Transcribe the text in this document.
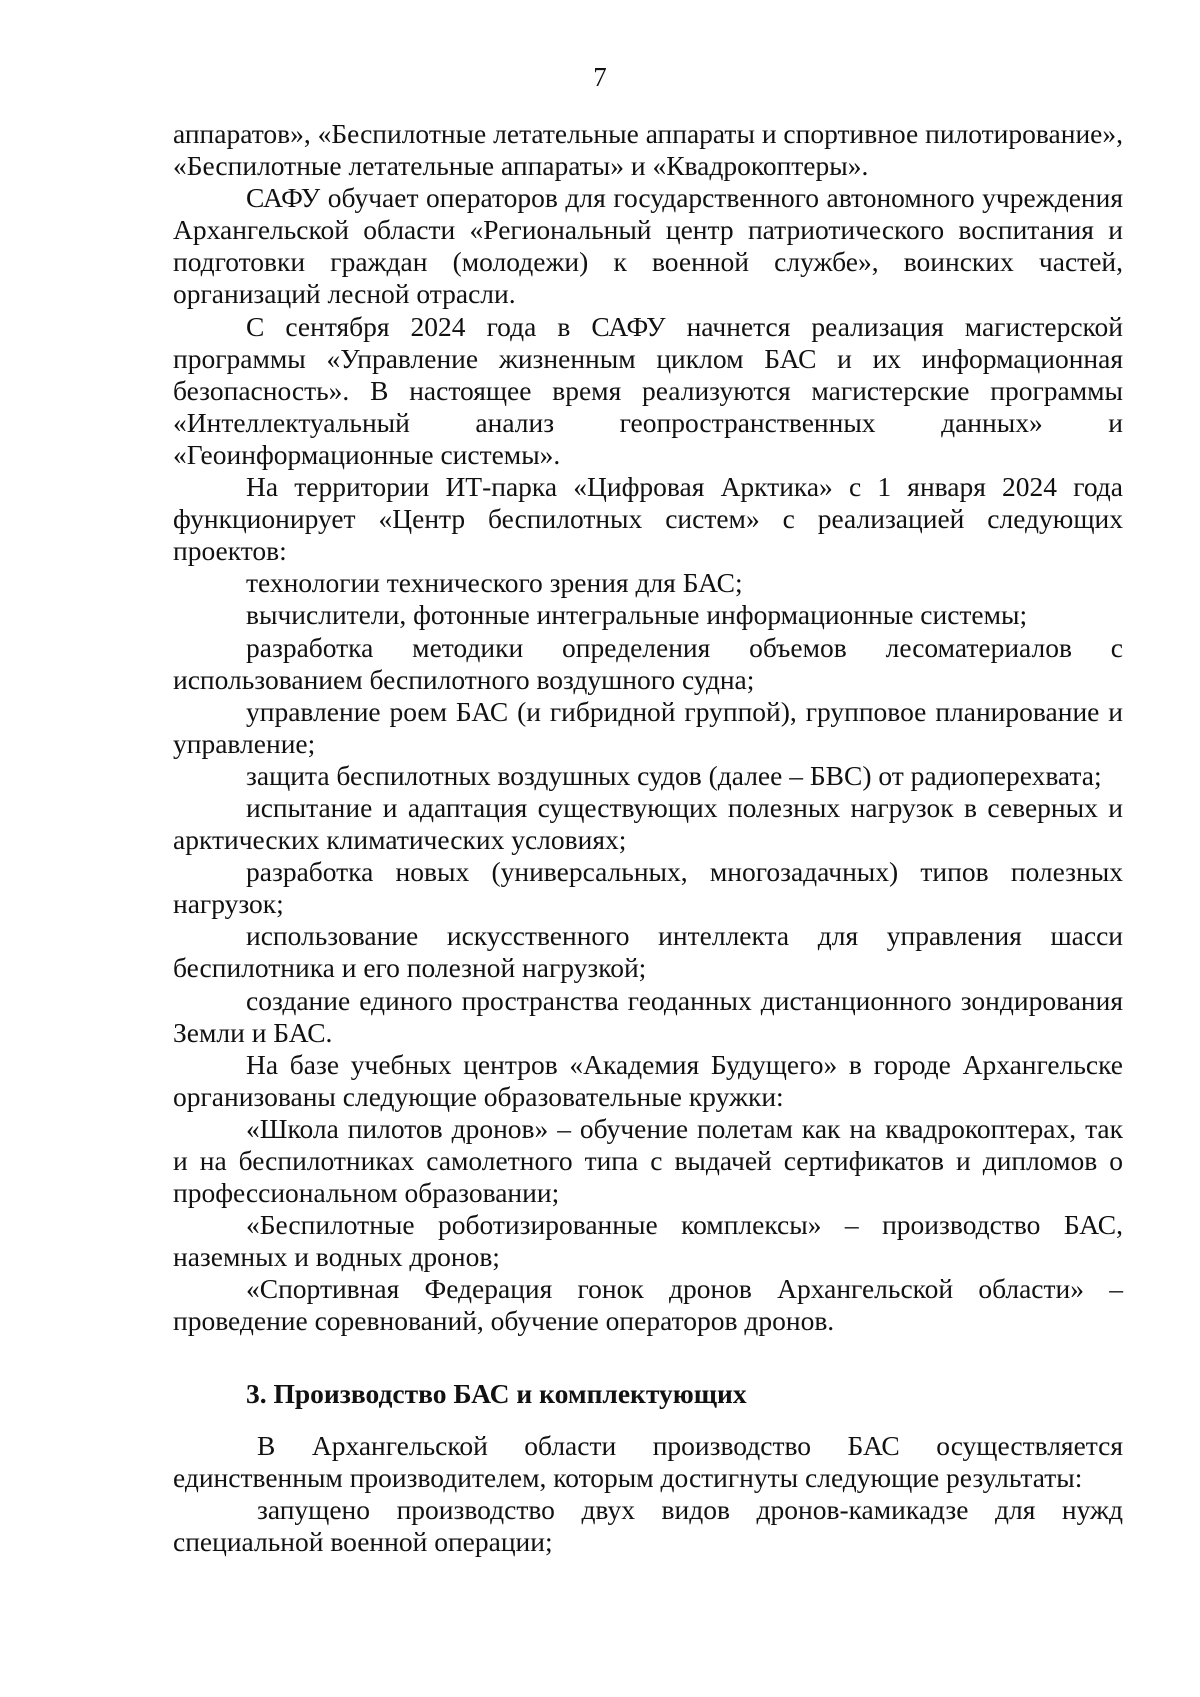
7

аппаратов», «Беспилотные летательные аппараты и спортивное пилотирование», «Беспилотные летательные аппараты» и «Квадрокоптеры».

САФУ обучает операторов для государственного автономного учреждения Архангельской области «Региональный центр патриотического воспитания и подготовки граждан (молодежи) к военной службе», воинских частей, организаций лесной отрасли.

С сентября 2024 года в САФУ начнется реализация магистерской программы «Управление жизненным циклом БАС и их информационная безопасность». В настоящее время реализуются магистерские программы «Интеллектуальный анализ геопространственных данных» и «Геоинформационные системы».

На территории ИТ-парка «Цифровая Арктика» с 1 января 2024 года функционирует «Центр беспилотных систем» с реализацией следующих проектов:

технологии технического зрения для БАС;

вычислители, фотонные интегральные информационные системы;

разработка методики определения объемов лесоматериалов с использованием беспилотного воздушного судна;

управление роем БАС (и гибридной группой), групповое планирование и управление;

защита беспилотных воздушных судов (далее – БВС) от радиоперехвата;

испытание и адаптация существующих полезных нагрузок в северных и арктических климатических условиях;

разработка новых (универсальных, многозадачных) типов полезных нагрузок;

использование искусственного интеллекта для управления шасси беспилотника и его полезной нагрузкой;

создание единого пространства геоданных дистанционного зондирования Земли и БАС.

На базе учебных центров «Академия Будущего» в городе Архангельске организованы следующие образовательные кружки:

«Школа пилотов дронов» – обучение полетам как на квадрокоптерах, так и на беспилотниках самолетного типа с выдачей сертификатов и дипломов о профессиональном образовании;

«Беспилотные роботизированные комплексы» – производство БАС, наземных и водных дронов;

«Спортивная Федерация гонок дронов Архангельской области» – проведение соревнований, обучение операторов дронов.

3. Производство БАС и комплектующих

В Архангельской области производство БАС осуществляется единственным производителем, которым достигнуты следующие результаты:

запущено производство двух видов дронов-камикадзе для нужд специальной военной операции;
